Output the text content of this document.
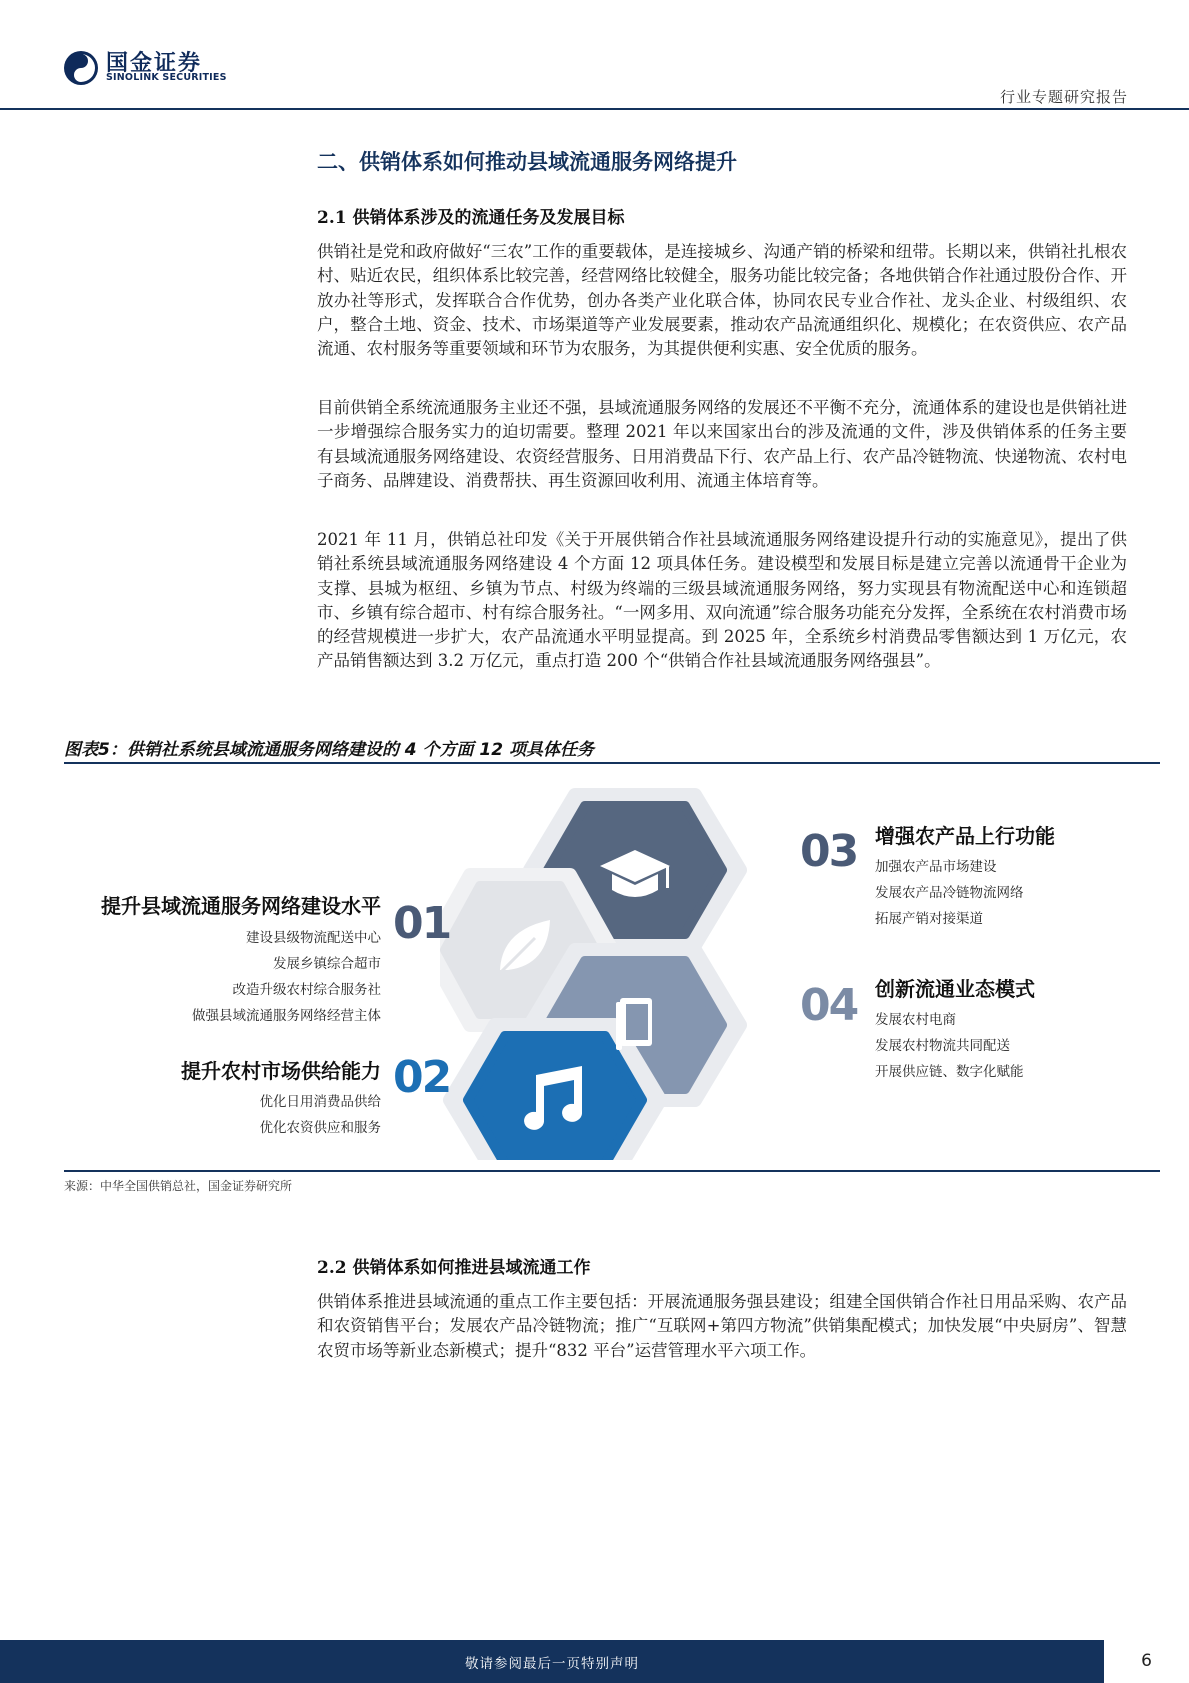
国金证券
SINOLINK SECURITIES
行业专题研究报告
二、供销体系如何推动县域流通服务网络提升
2.1 供销体系涉及的流通任务及发展目标

供销社是党和政府做好“三农”工作的重要载体，是连接城乡、沟通产销的桥梁和纽带。长期以来，供销社扎根农村、贴近农民，组织体系比较完善，经营网络比较健全，服务功能比较完备；各地供销合作社通过股份合作、开放办社等形式，发挥联合合作优势，创办各类产业化联合体，协同农民专业合作社、龙头企业、村级组织、农户，整合土地、资金、技术、市场渠道等产业发展要素，推动农产品流通组织化、规模化；在农资供应、农产品流通、农村服务等重要领域和环节为农服务，为其提供便利实惠、安全优质的服务。

目前供销全系统流通服务主业还不强，县域流通服务网络的发展还不平衡不充分，流通体系的建设也是供销社进一步增强综合服务实力的迫切需要。整理 2021 年以来国家出台的涉及流通的文件，涉及供销体系的任务主要有县域流通服务网络建设、农资经营服务、日用消费品下行、农产品上行、农产品冷链物流、快递物流、农村电子商务、品牌建设、消费帮扶、再生资源回收利用、流通主体培育等。

2021 年 11 月，供销总社印发《关于开展供销合作社县域流通服务网络建设提升行动的实施意见》，提出了供销社系统县域流通服务网络建设 4 个方面 12 项具体任务。建设模型和发展目标是建立完善以流通骨干企业为支撑、县城为枢纽、乡镇为节点、村级为终端的三级县域流通服务网络，努力实现县有物流配送中心和连锁超市、乡镇有综合超市、村有综合服务社。“一网多用、双向流通”综合服务功能充分发挥，全系统在农村消费市场的经营规模进一步扩大，农产品流通水平明显提高。到 2025 年，全系统乡村消费品零售额达到 1 万亿元，农产品销售额达到 3.2 万亿元，重点打造 200 个“供销合作社县域流通服务网络强县”。

图表5：供销社系统县域流通服务网络建设的 4 个方面 12 项具体任务
提升县域流通服务网络建设水平 01
建设县级物流配送中心
发展乡镇综合超市
改造升级农村综合服务社
做强县域流通服务网络经营主体
提升农村市场供给能力 02
优化日用消费品供给
优化农资供应和服务
03 增强农产品上行功能
加强农产品市场建设
发展农产品冷链物流网络
拓展产销对接渠道
04 创新流通业态模式
发展农村电商
发展农村物流共同配送
开展供应链、数字化赋能
来源：中华全国供销总社，国金证券研究所
2.2 供销体系如何推进县域流通工作

供销体系推进县域流通的重点工作主要包括：开展流通服务强县建设；组建全国供销合作社日用品采购、农产品和农资销售平台；发展农产品冷链物流；推广“互联网+第四方物流”供销集配模式；加快发展“中央厨房”、智慧农贸市场等新业态新模式；提升“832 平台”运营管理水平六项工作。

敬请参阅最后一页特别声明	6
